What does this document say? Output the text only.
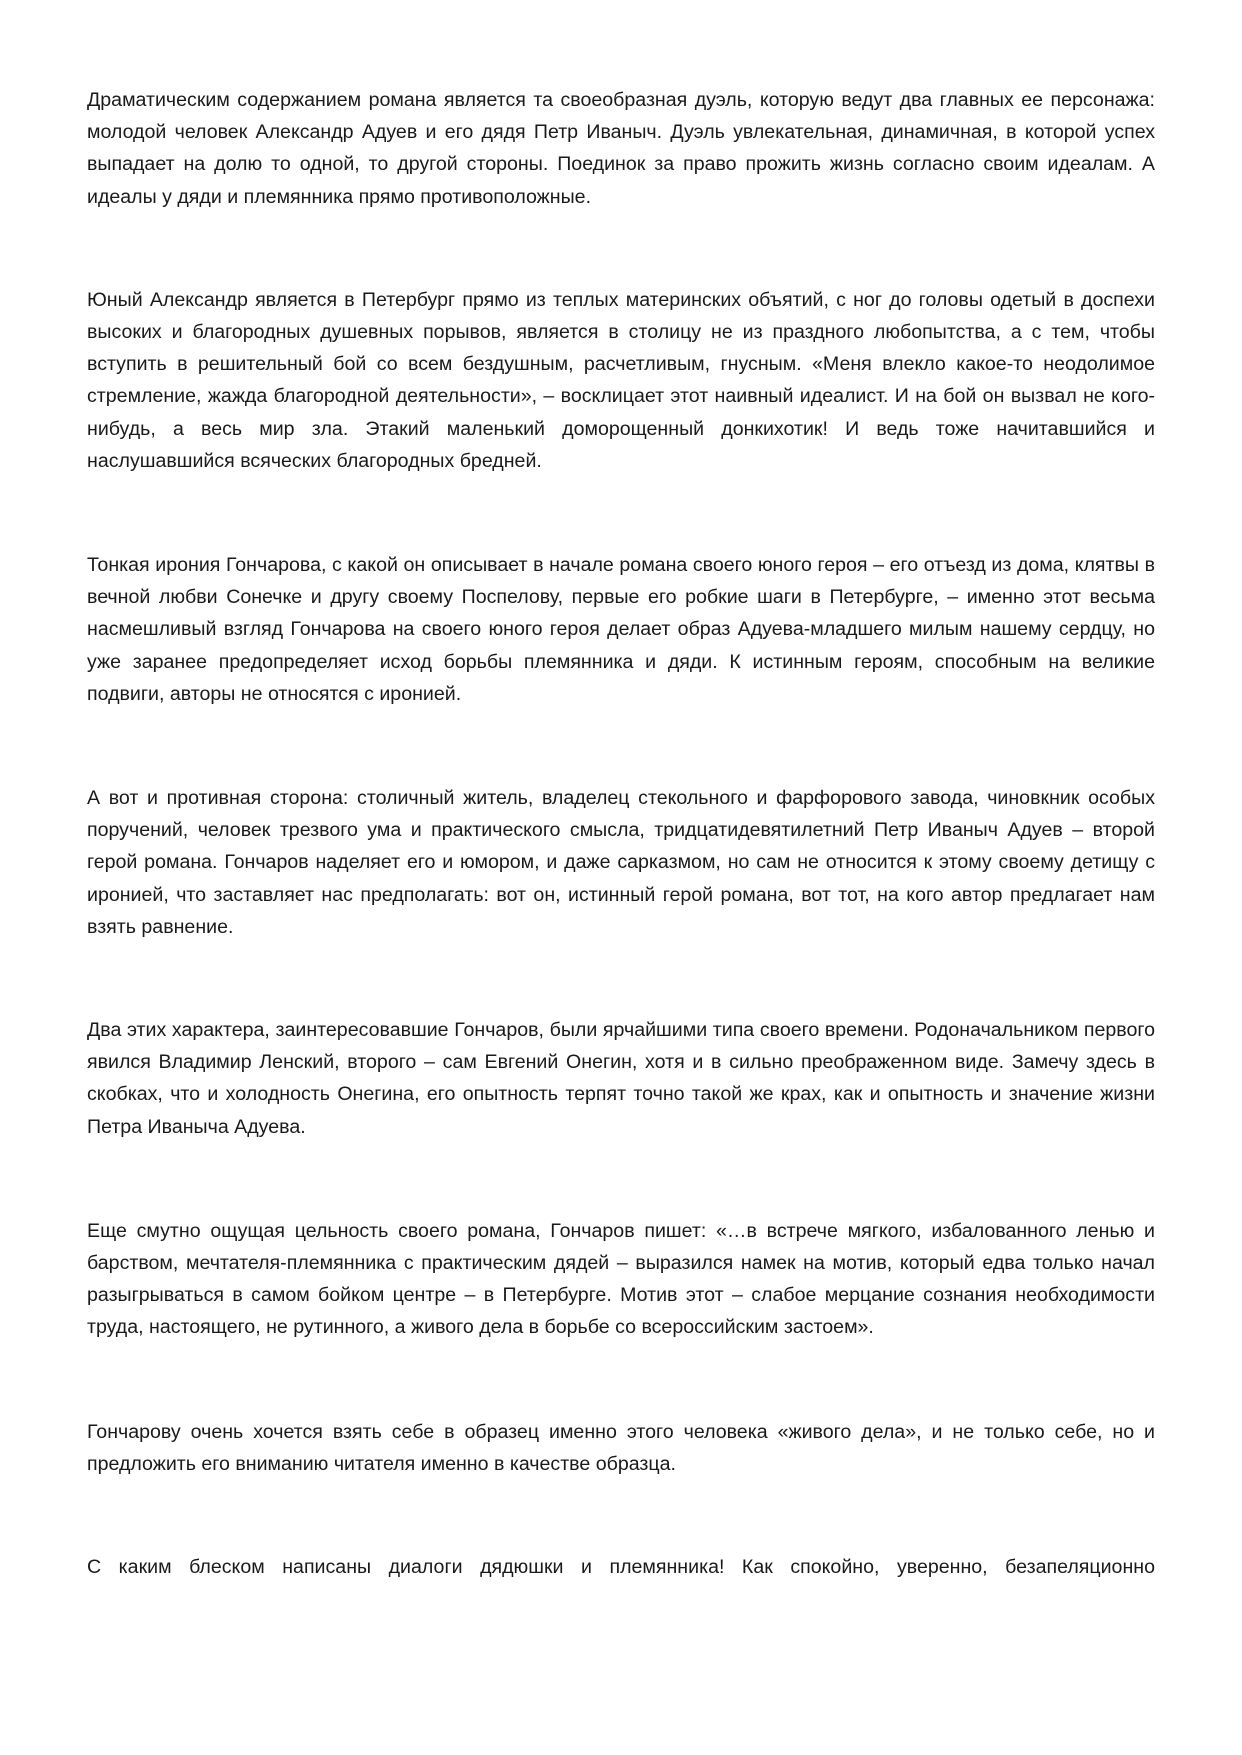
Драматическим содержанием романа является та своеобразная дуэль, которую ведут два главных ее персонажа: молодой человек Александр Адуев и его дядя Петр Иваныч. Дуэль увлекательная, динамичная, в которой успех выпадает на долю то одной, то другой стороны. Поединок за право прожить жизнь согласно своим идеалам. А идеалы у дяди и племянника прямо противоположные.

Юный Александр является в Петербург прямо из теплых материнских объятий, с ног до головы одетый в доспехи высоких и благородных душевных порывов, является в столицу не из праздного любопытства, а с тем, чтобы вступить в решительный бой со всем бездушным, расчетливым, гнусным. «Меня влекло какое-то неодолимое стремление, жажда благородной деятельности», – восклицает этот наивный идеалист. И на бой он вызвал не кого-нибудь, а весь мир зла. Этакий маленький доморощенный донкихотик! И ведь тоже начитавшийся и наслушавшийся всяческих благородных бредней.

Тонкая ирония Гончарова, с какой он описывает в начале романа своего юного героя – его отъезд из дома, клятвы в вечной любви Сонечке и другу своему Поспелову, первые его робкие шаги в Петербурге, – именно этот весьма насмешливый взгляд Гончарова на своего юного героя делает образ Адуева-младшего милым нашему сердцу, но уже заранее предопределяет исход борьбы племянника и дяди. К истинным героям, способным на великие подвиги, авторы не относятся с иронией.

А вот и противная сторона: столичный житель, владелец стекольного и фарфорового завода, чиновкник особых поручений, человек трезвого ума и практического смысла, тридцатидевятилетний Петр Иваныч Адуев – второй герой романа. Гончаров наделяет его и юмором, и даже сарказмом, но сам не относится к этому своему детищу с иронией, что заставляет нас предполагать: вот он, истинный герой романа, вот тот, на кого автор предлагает нам взять равнение.

Два этих характера, заинтересовавшие Гончаров, были ярчайшими типа своего времени. Родоначальником первого явился Владимир Ленский, второго – сам Евгений Онегин, хотя и в сильно преображенном виде. Замечу здесь в скобках, что и холодность Онегина, его опытность терпят точно такой же крах, как и опытность и значение жизни Петра Иваныча Адуева.

Еще смутно ощущая цельность своего романа, Гончаров пишет: «…в встрече мягкого, избалованного ленью и барством, мечтателя-племянника с практическим дядей – выразился намек на мотив, который едва только начал разыгрываться в самом бойком центре – в Петербурге. Мотив этот – слабое мерцание сознания необходимости труда, настоящего, не рутинного, а живого дела в борьбе со всероссийским застоем».

Гончарову очень хочется взять себе в образец именно этого человека «живого дела», и не только себе, но и предложить его вниманию читателя именно в качестве образца.

С каким блеском написаны диалоги дядюшки и племянника! Как спокойно, уверенно, безапеляционно
